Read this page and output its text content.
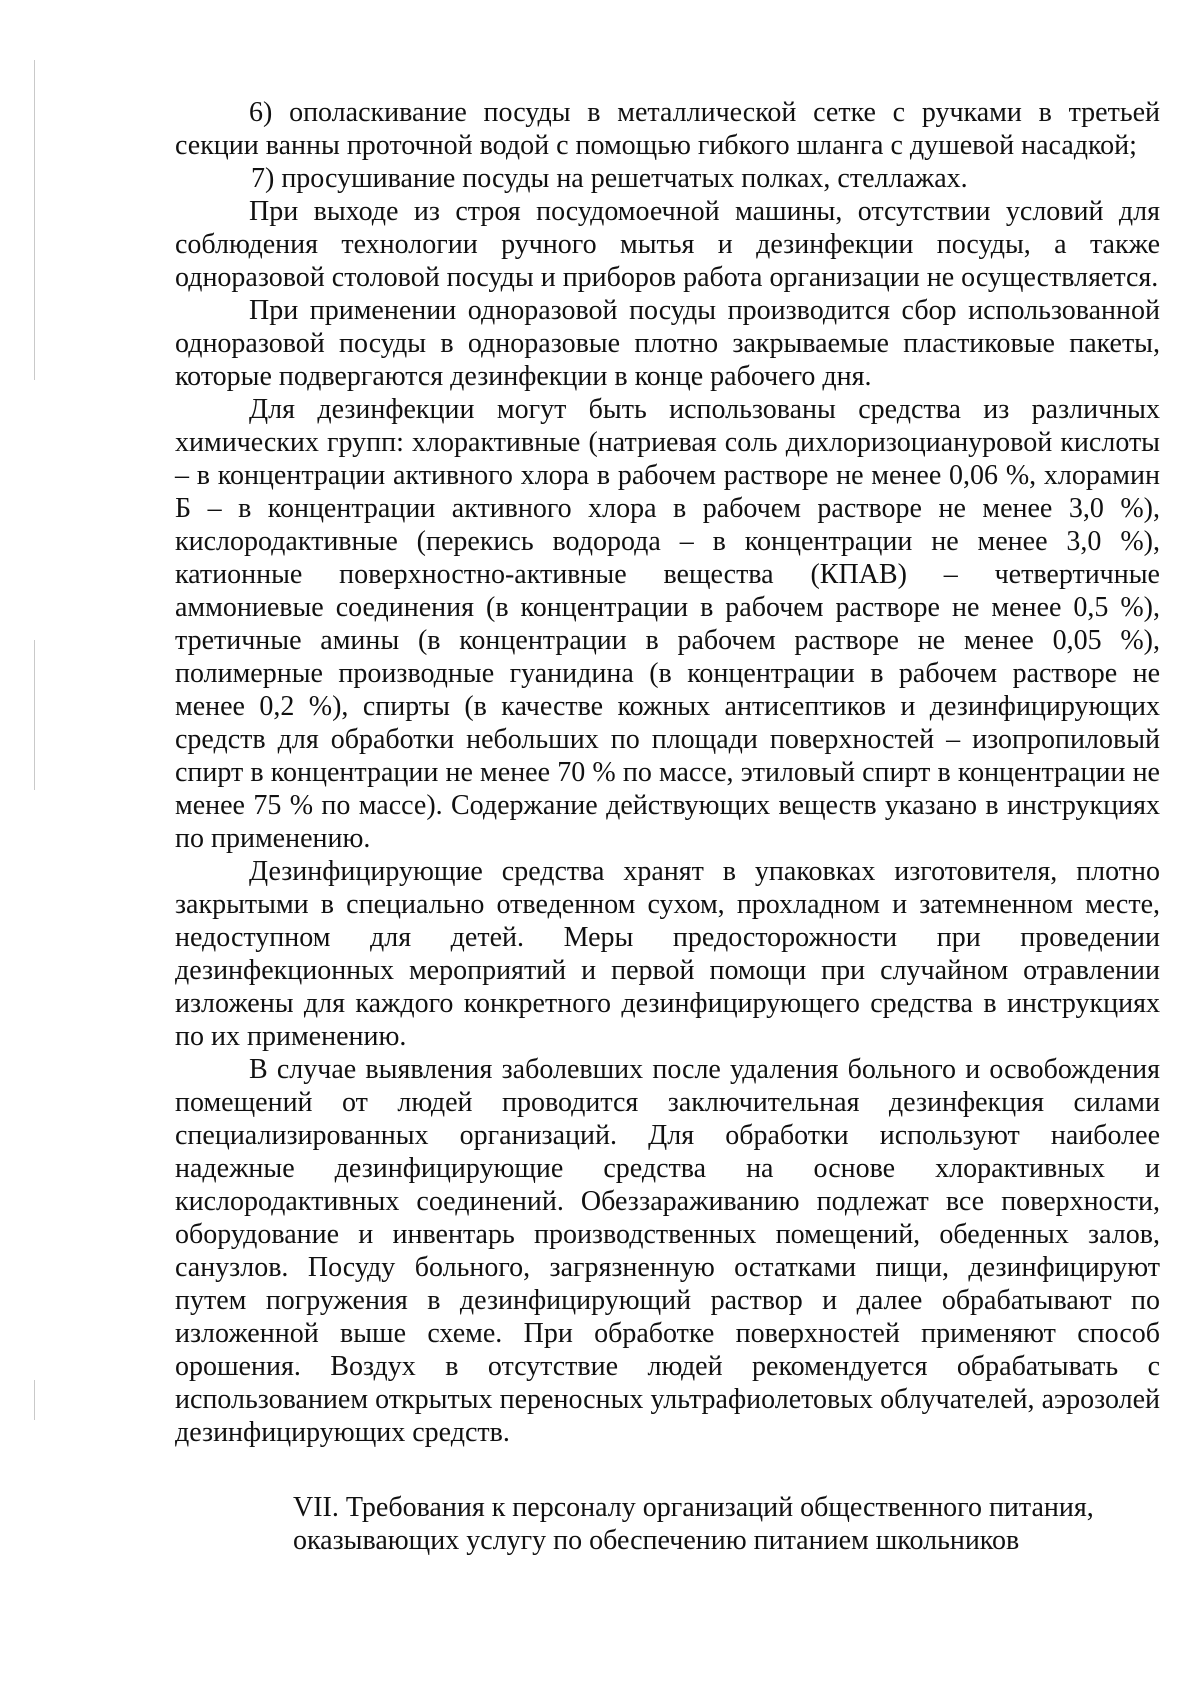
6) ополаскивание посуды в металлической сетке с ручками в третьей секции ванны проточной водой с помощью гибкого шланга с душевой насадкой;

7) просушивание посуды на решетчатых полках, стеллажах.

При выходе из строя посудомоечной машины, отсутствии условий для соблюдения технологии ручного мытья и дезинфекции посуды, а также одноразовой столовой посуды и приборов работа организации не осуществляется.

При применении одноразовой посуды производится сбор использованной одноразовой посуды в одноразовые плотно закрываемые пластиковые пакеты, которые подвергаются дезинфекции в конце рабочего дня.

Для дезинфекции могут быть использованы средства из различных химических групп: хлорактивные (натриевая соль дихлоризоциануровой кислоты – в концентрации активного хлора в рабочем растворе не менее 0,06 %, хлорамин Б – в концентрации активного хлора в рабочем растворе не менее 3,0 %), кислородактивные (перекись водорода – в концентрации не менее 3,0 %), катионные поверхностно-активные вещества (КПАВ) – четвертичные аммониевые соединения (в концентрации в рабочем растворе не менее 0,5 %), третичные амины (в концентрации в рабочем растворе не менее 0,05 %), полимерные производные гуанидина (в концентрации в рабочем растворе не менее 0,2 %), спирты (в качестве кожных антисептиков и дезинфицирующих средств для обработки небольших по площади поверхностей – изопропиловый спирт в концентрации не менее 70 % по массе, этиловый спирт в концентрации не менее 75 % по массе). Содержание действующих веществ указано в инструкциях по применению.

Дезинфицирующие средства хранят в упаковках изготовителя, плотно закрытыми в специально отведенном сухом, прохладном и затемненном месте, недоступном для детей. Меры предосторожности при проведении дезинфекционных мероприятий и первой помощи при случайном отравлении изложены для каждого конкретного дезинфицирующего средства в инструкциях по их применению.

В случае выявления заболевших после удаления больного и освобождения помещений от людей проводится заключительная дезинфекция силами специализированных организаций. Для обработки используют наиболее надежные дезинфицирующие средства на основе хлорактивных и кислородактивных соединений. Обеззараживанию подлежат все поверхности, оборудование и инвентарь производственных помещений, обеденных залов, санузлов. Посуду больного, загрязненную остатками пищи, дезинфицируют путем погружения в дезинфицирующий раствор и далее обрабатывают по изложенной выше схеме. При обработке поверхностей применяют способ орошения. Воздух в отсутствие людей рекомендуется обрабатывать с использованием открытых переносных ультрафиолетовых облучателей, аэрозолей дезинфицирующих средств.

VII. Требования к персоналу организаций общественного питания,
оказывающих услугу по обеспечению питанием школьников
